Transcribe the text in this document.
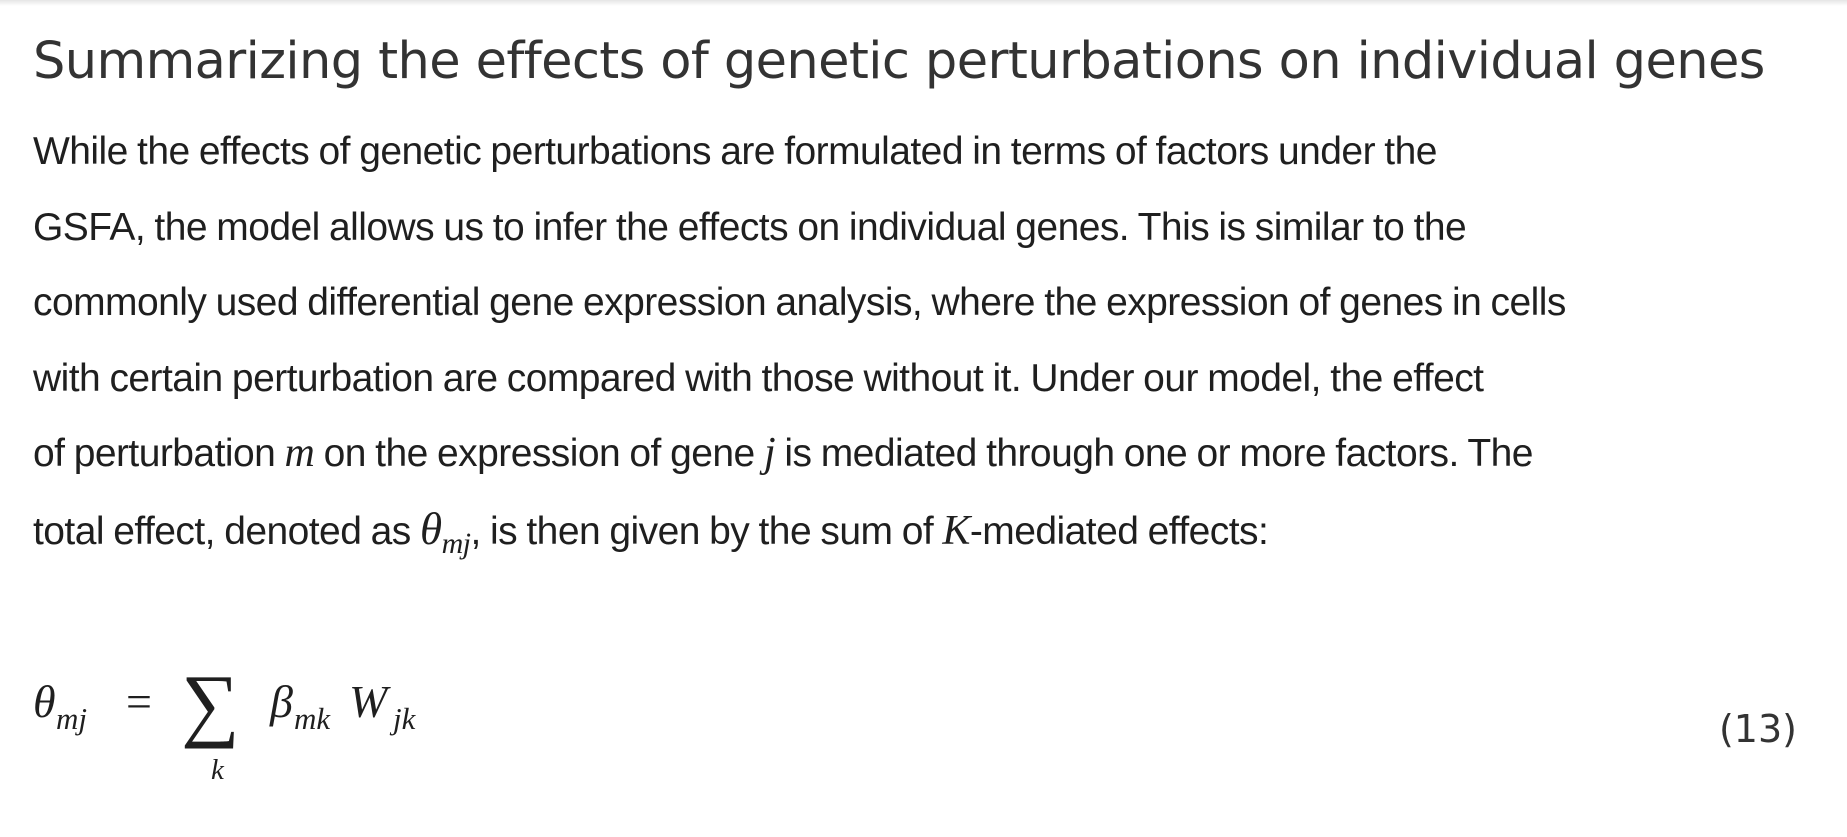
Summarizing the effects of genetic perturbations on individual genes

While the effects of genetic perturbations are formulated in terms of factors under the
GSFA, the model allows us to infer the effects on individual genes. This is similar to the
commonly used differential gene expression analysis, where the expression of genes in cells
with certain perturbation are compared with those without it. Under our model, the effect
of perturbation m on the expression of gene j is mediated through one or more factors. The
total effect, denoted as $\theta_{mj}$, is then given by the sum of K-mediated effects:

θ mj = ∑
k
β mk W jk	(13)
